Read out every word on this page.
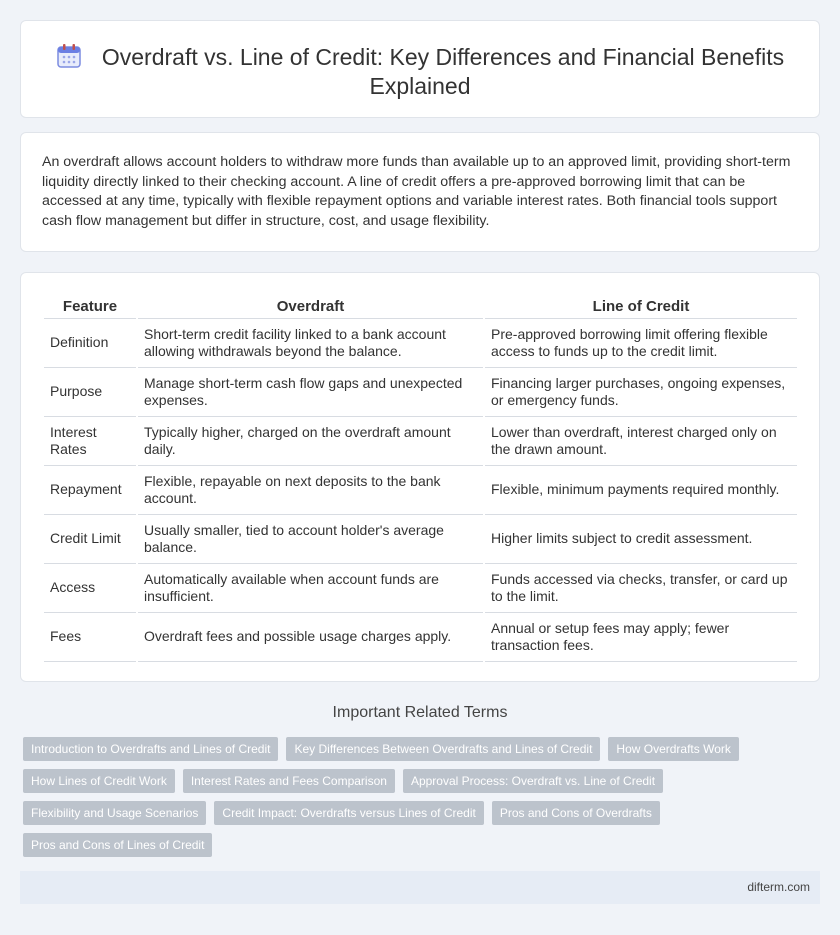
Overdraft vs. Line of Credit: Key Differences and Financial Benefits Explained

An overdraft allows account holders to withdraw more funds than available up to an approved limit, providing short-term liquidity directly linked to their checking account. A line of credit offers a pre-approved borrowing limit that can be accessed at any time, typically with flexible repayment options and variable interest rates. Both financial tools support cash flow management but differ in structure, cost, and usage flexibility.

Feature	Overdraft	Line of Credit
Definition	Short-term credit facility linked to a bank account allowing withdrawals beyond the balance.	Pre-approved borrowing limit offering flexible access to funds up to the credit limit.
Purpose	Manage short-term cash flow gaps and unexpected expenses.	Financing larger purchases, ongoing expenses, or emergency funds.
Interest Rates	Typically higher, charged on the overdraft amount daily.	Lower than overdraft, interest charged only on the drawn amount.
Repayment	Flexible, repayable on next deposits to the bank account.	Flexible, minimum payments required monthly.
Credit Limit	Usually smaller, tied to account holder's average balance.	Higher limits subject to credit assessment.
Access	Automatically available when account funds are insufficient.	Funds accessed via checks, transfer, or card up to the limit.
Fees	Overdraft fees and possible usage charges apply.	Annual or setup fees may apply; fewer transaction fees.
Important Related Terms
Introduction to Overdrafts and Lines of Credit	Key Differences Between Overdrafts and Lines of Credit	How Overdrafts Work
How Lines of Credit Work	Interest Rates and Fees Comparison	Approval Process: Overdraft vs. Line of Credit
Flexibility and Usage Scenarios	Credit Impact: Overdrafts versus Lines of Credit	Pros and Cons of Overdrafts
Pros and Cons of Lines of Credit
difterm.com
